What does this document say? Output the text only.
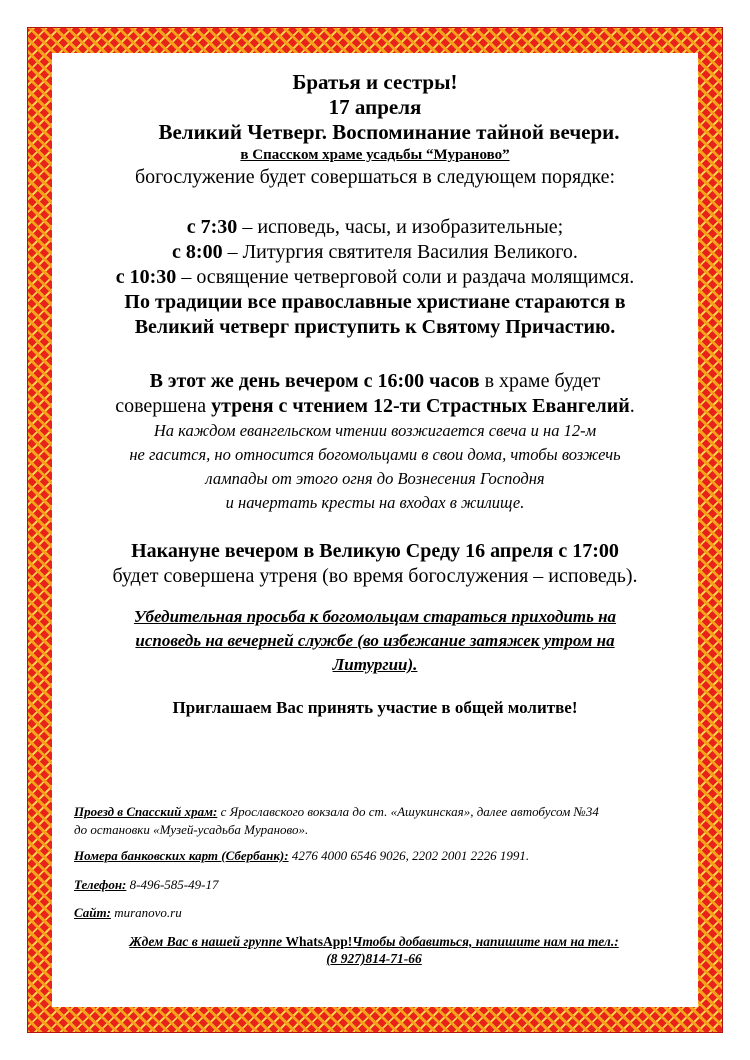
Братья и сестры!
17 апреля
Великий Четверг. Воспоминание тайной вечери.
в Спасском храме усадьбы “Мураново”
богослужение будет совершаться в следующем порядке:
с 7:30 – исповедь, часы, и изобразительные;
с 8:00 – Литургия святителя Василия Великого.
с 10:30 – освящение четверговой соли и раздача молящимся.
По традиции все православные христиане стараются в
Великий четверг приступить к Святому Причастию.
В этот же день вечером с 16:00 часов в храме будет
совершена утреня с чтением 12-ти Страстных Евангелий.
На каждом евангельском чтении возжигается свеча и на 12-м
не гасится, но относится богомольцами в свои дома, чтобы возжечь
лампады от этого огня до Вознесения Господня
и начертать кресты на входах в жилище.
Накануне вечером в Великую Среду 16 апреля с 17:00
будет совершена утреня (во время богослужения – исповедь).
Убедительная просьба к богомольцам стараться приходить на
исповедь на вечерней службе (во избежание затяжек утром на
Литургии).
Приглашаем Вас принять участие в общей молитве!
Проезд в Спасский храм: с Ярославского вокзала до ст. «Ашукинская», далее автобусом №34
до остановки «Музей-усадьба Мураново».
Номера банковских карт (Сбербанк): 4276 4000 6546 9026, 2202 2001 2226 1991.
Телефон: 8-496-585-49-17
Сайт: muranovo.ru
Ждем Вас в нашей группе WhatsApp!Чтобы добавиться, напишите нам на тел.:
(8 927)814-71-66
